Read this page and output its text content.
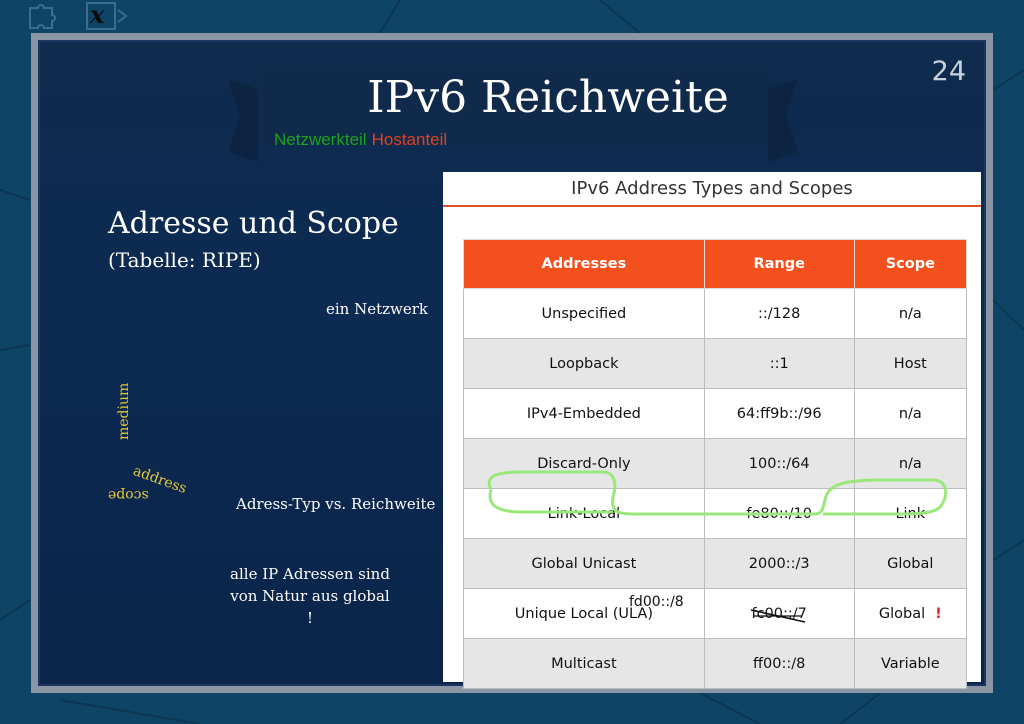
x
24
IPv6 Reichweite
Netzwerkteil Hostanteil
Adresse und Scope
(Tabelle: RIPE)
ein Netzwerk
Adress-Typ vs. Reichweite
alle IP Adressen sind
von Natur aus global !
medium
address
scope
IPv6 Address Types and Scopes
Addresses	Range	Scope
Unspecified	::/128	n/a
Loopback	::1	Host
IPv4-Embedded	64:ff9b::/96	n/a
Discard-Only	100::/64	n/a
Link-Local	fe80::/10	Link
Global Unicast	2000::/3	Global
Unique Local (ULA)	fc00::/7	Global !
Multicast	ff00::/8	Variable
fd00::/8
